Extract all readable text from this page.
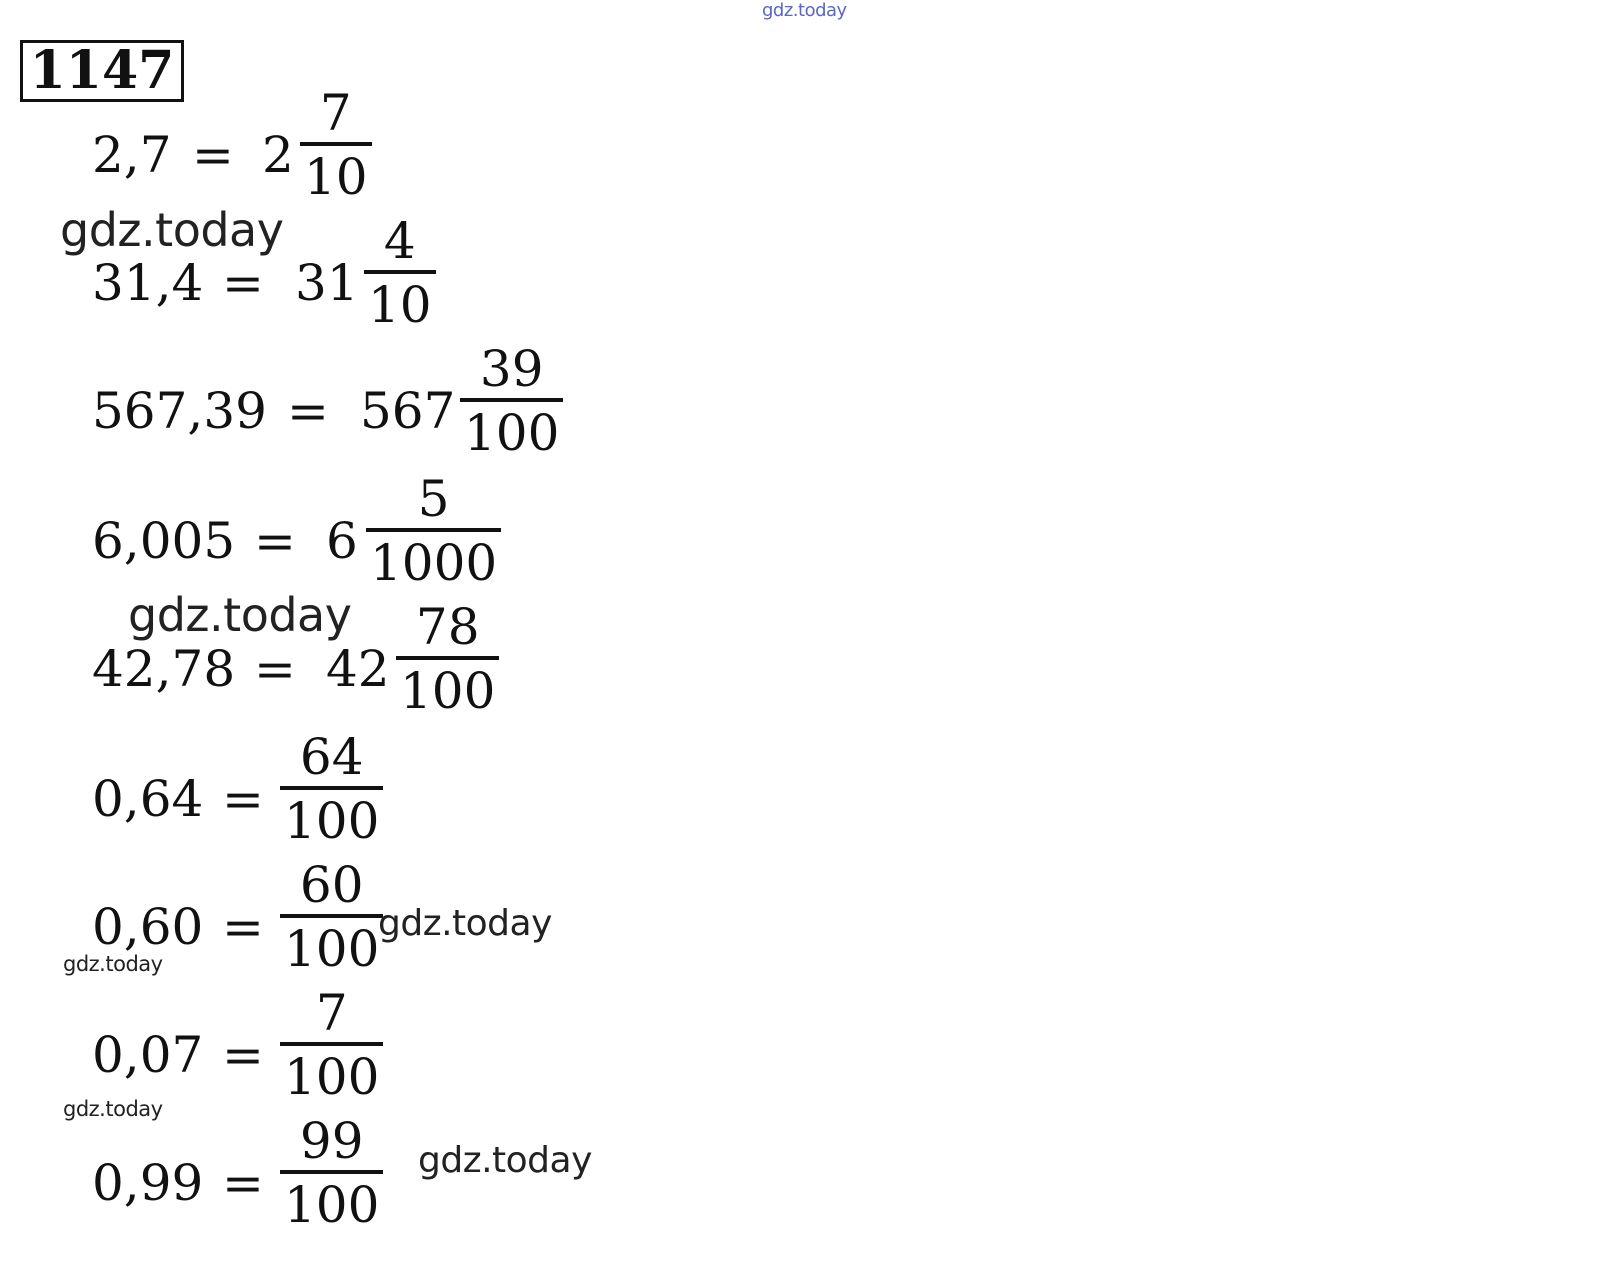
gdz.today
1147
2,7 = 2
7
10
31,4 = 31
4
10
567,39 = 567
39
100
6,005 = 6
5
1000
42,78 = 42
78
100
0,64 =
64
100
0,60 =
60
100
0,07 =
7
100
0,99 =
99
100
gdz.today
gdz.today
gdz.today
gdz.today
gdz.today
gdz.today
